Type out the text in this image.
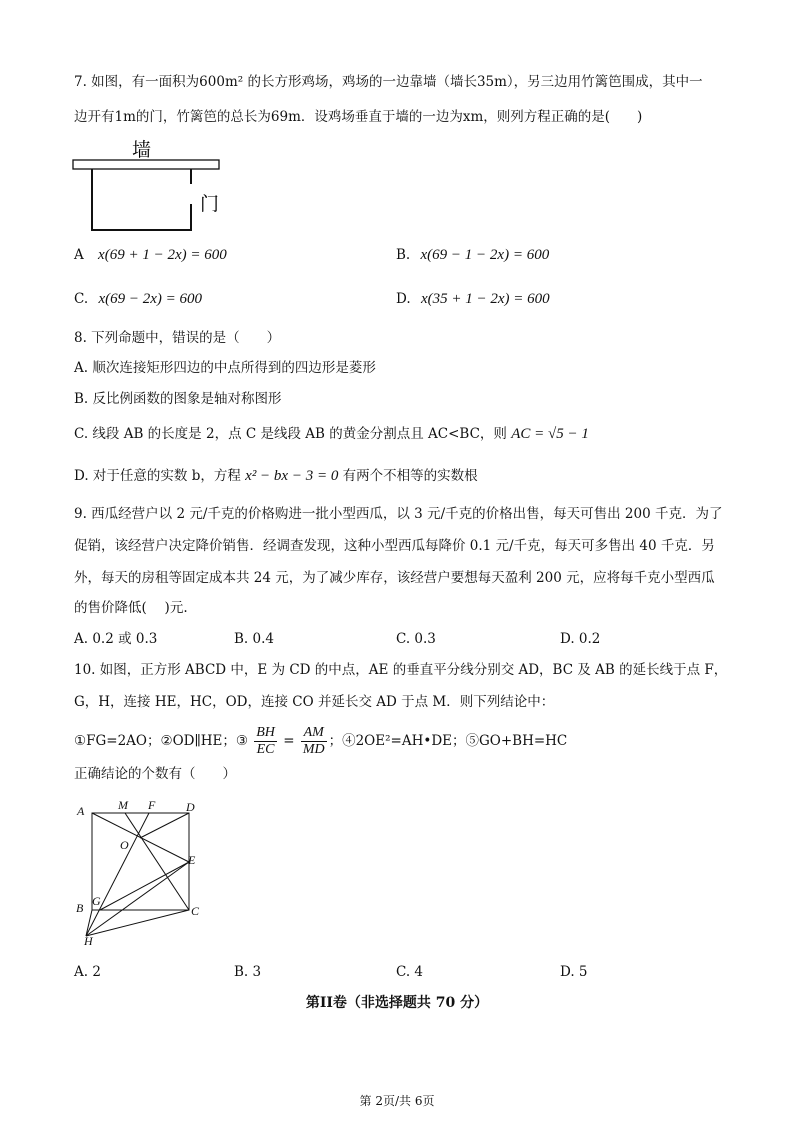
7. 如图，有一面积为600m² 的长方形鸡场，鸡场的一边靠墙（墙长35m），另三边用竹篱笆围成，其中一
边开有1m的门，竹篱笆的总长为69m．设鸡场垂直于墙的一边为xm，则列方程正确的是(　　)
墙
门
A x(69 + 1 − 2x) = 600	B. x(69 − 1 − 2x) = 600
C. x(69 − 2x) = 600	D. x(35 + 1 − 2x) = 600
8. 下列命题中，错误的是（　　）
A. 顺次连接矩形四边的中点所得到的四边形是菱形
B. 反比例函数的图象是轴对称图形
C. 线段 AB 的长度是 2，点 C 是线段 AB 的黄金分割点且 AC<BC，则 AC = √5 − 1
D. 对于任意的实数 b，方程 x² − bx − 3 = 0 有两个不相等的实数根
9. 西瓜经营户以 2 元/千克的价格购进一批小型西瓜，以 3 元/千克的价格出售，每天可售出 200 千克．为了
促销，该经营户决定降价销售．经调查发现，这种小型西瓜每降价 0.1 元/千克，每天可多售出 40 千克．另
外，每天的房租等固定成本共 24 元，为了减少库存，该经营户要想每天盈利 200 元，应将每千克小型西瓜
的售价降低(　 )元.
A. 0.2 或 0.3	B. 0.4	C. 0.3	D. 0.2
10. 如图，正方形 ABCD 中，E 为 CD 的中点，AE 的垂直平分线分别交 AD，BC 及 AB 的延长线于点 F，
G，H，连接 HE，HC，OD，连接 CO 并延长交 AD 于点 M．则下列结论中：
①FG=2AO；②OD∥HE；③ $\frac{BH}{EC} = \frac{AM}{MD}$ ；④2OE²=AH•DE；⑤GO+BH=HC
正确结论的个数有（　　）
A	M F	D
O
E
G
B	C
H
A. 2	B. 3	C. 4	D. 5
第II卷（非选择题共 70 分）
第 2页/共 6页
